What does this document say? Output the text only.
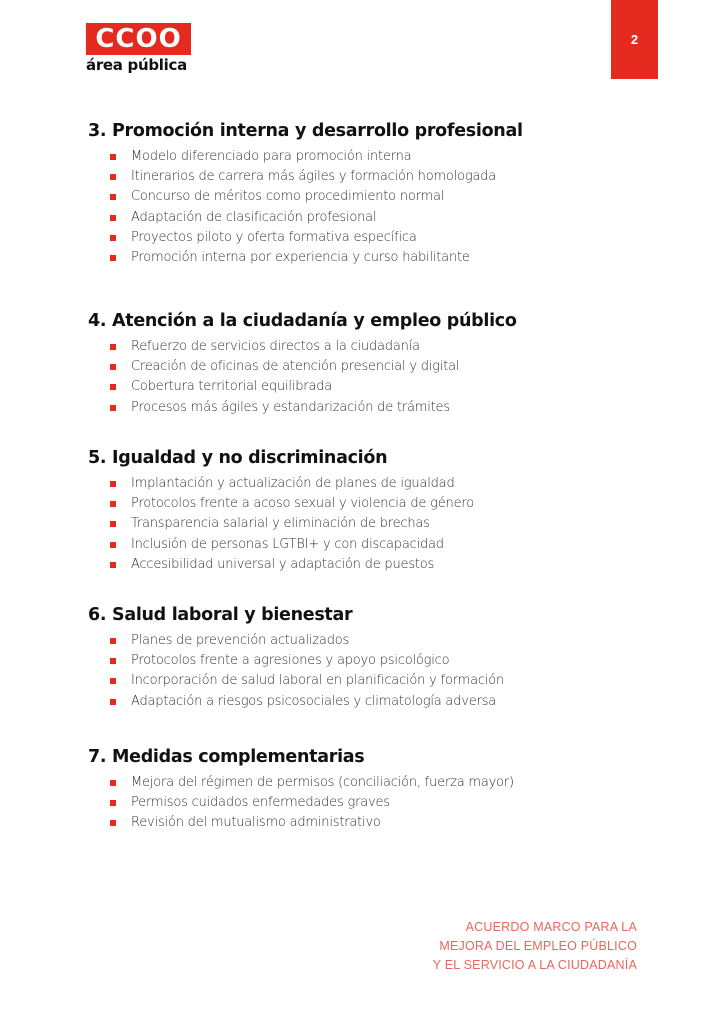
CCOO
área pública
2
3. Promoción interna y desarrollo profesional
Modelo diferenciado para promoción interna
Itinerarios de carrera más ágiles y formación homologada
Concurso de méritos como procedimiento normal
Adaptación de clasificación profesional
Proyectos piloto y oferta formativa específica
Promoción interna por experiencia y curso habilitante
4. Atención a la ciudadanía y empleo público
Refuerzo de servicios directos a la ciudadanía
Creación de oficinas de atención presencial y digital
Cobertura territorial equilibrada
Procesos más ágiles y estandarización de trámites
5. Igualdad y no discriminación
Implantación y actualización de planes de igualdad
Protocolos frente a acoso sexual y violencia de género
Transparencia salarial y eliminación de brechas
Inclusión de personas LGTBI+ y con discapacidad
Accesibilidad universal y adaptación de puestos
6. Salud laboral y bienestar
Planes de prevención actualizados
Protocolos frente a agresiones y apoyo psicológico
Incorporación de salud laboral en planificación y formación
Adaptación a riesgos psicosociales y climatología adversa
7. Medidas complementarias
Mejora del régimen de permisos (conciliación, fuerza mayor)
Permisos cuidados enfermedades graves
Revisión del mutualismo administrativo
ACUERDO MARCO PARA LA
MEJORA DEL EMPLEO PÚBLICO
Y EL SERVICIO A LA CIUDADANÍA
